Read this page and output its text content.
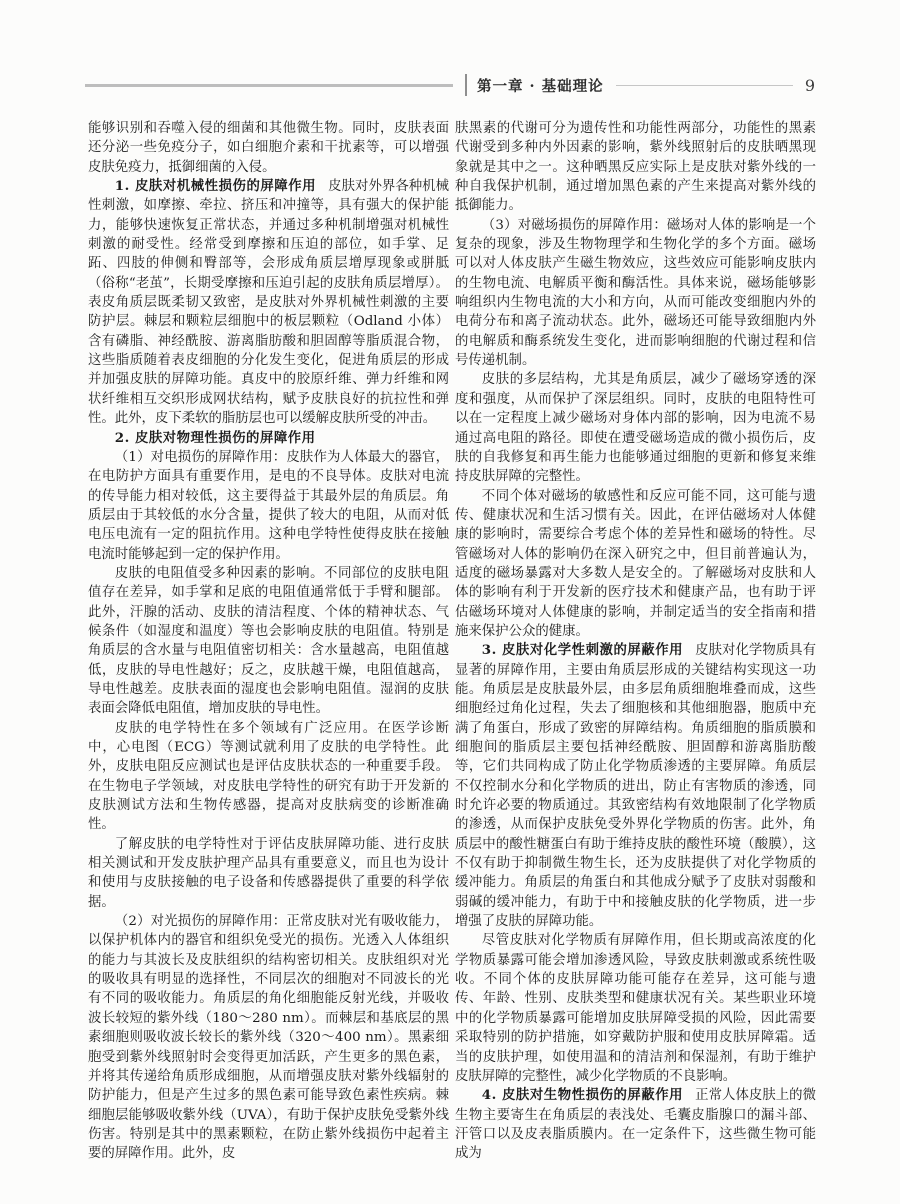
第一章 · 基础理论	9

能够识别和吞噬入侵的细菌和其他微生物。同时，皮肤表面还分泌一些免疫分子，如白细胞介素和干扰素等，可以增强皮肤免疫力，抵御细菌的入侵。

1. 皮肤对机械性损伤的屏障作用 皮肤对外界各种机械性刺激，如摩擦、牵拉、挤压和冲撞等，具有强大的保护能力，能够快速恢复正常状态，并通过多种机制增强对机械性刺激的耐受性。经常受到摩擦和压迫的部位，如手掌、足跖、四肢的伸侧和臀部等，会形成角质层增厚现象或胼胝（俗称“老茧”，长期受摩擦和压迫引起的皮肤角质层增厚）。表皮角质层既柔韧又致密，是皮肤对外界机械性刺激的主要防护层。棘层和颗粒层细胞中的板层颗粒（Odland 小体）含有磷脂、神经酰胺、游离脂肪酸和胆固醇等脂质混合物，这些脂质随着表皮细胞的分化发生变化，促进角质层的形成并加强皮肤的屏障功能。真皮中的胶原纤维、弹力纤维和网状纤维相互交织形成网状结构，赋予皮肤良好的抗拉性和弹性。此外，皮下柔软的脂肪层也可以缓解皮肤所受的冲击。

2. 皮肤对物理性损伤的屏障作用

（1）对电损伤的屏障作用：皮肤作为人体最大的器官，在电防护方面具有重要作用，是电的不良导体。皮肤对电流的传导能力相对较低，这主要得益于其最外层的角质层。角质层由于其较低的水分含量，提供了较大的电阻，从而对低电压电流有一定的阻抗作用。这种电学特性使得皮肤在接触电流时能够起到一定的保护作用。

皮肤的电阻值受多种因素的影响。不同部位的皮肤电阻值存在差异，如手掌和足底的电阻值通常低于手臂和腿部。此外，汗腺的活动、皮肤的清洁程度、个体的精神状态、气候条件（如湿度和温度）等也会影响皮肤的电阻值。特别是角质层的含水量与电阻值密切相关：含水量越高，电阻值越低，皮肤的导电性越好；反之，皮肤越干燥，电阻值越高，导电性越差。皮肤表面的湿度也会影响电阻值。湿润的皮肤表面会降低电阻值，增加皮肤的导电性。

皮肤的电学特性在多个领域有广泛应用。在医学诊断中，心电图（ECG）等测试就利用了皮肤的电学特性。此外，皮肤电阻反应测试也是评估皮肤状态的一种重要手段。在生物电子学领域，对皮肤电学特性的研究有助于开发新的皮肤测试方法和生物传感器，提高对皮肤病变的诊断准确性。

了解皮肤的电学特性对于评估皮肤屏障功能、进行皮肤相关测试和开发皮肤护理产品具有重要意义，而且也为设计和使用与皮肤接触的电子设备和传感器提供了重要的科学依据。

（2）对光损伤的屏障作用：正常皮肤对光有吸收能力，以保护机体内的器官和组织免受光的损伤。光透入人体组织的能力与其波长及皮肤组织的结构密切相关。皮肤组织对光的吸收具有明显的选择性，不同层次的细胞对不同波长的光有不同的吸收能力。角质层的角化细胞能反射光线，并吸收波长较短的紫外线（180～280 nm）。而棘层和基底层的黑素细胞则吸收波长较长的紫外线（320～400 nm）。黑素细胞受到紫外线照射时会变得更加活跃，产生更多的黑色素，并将其传递给角质形成细胞，从而增强皮肤对紫外线辐射的防护能力，但是产生过多的黑色素可能导致色素性疾病。棘细胞层能够吸收紫外线（UVA），有助于保护皮肤免受紫外线伤害。特别是其中的黑素颗粒，在防止紫外线损伤中起着主要的屏障作用。此外，皮

肤黑素的代谢可分为遗传性和功能性两部分，功能性的黑素代谢受到多种内外因素的影响，紫外线照射后的皮肤晒黑现象就是其中之一。这种晒黑反应实际上是皮肤对紫外线的一种自我保护机制，通过增加黑色素的产生来提高对紫外线的抵御能力。

（3）对磁场损伤的屏障作用：磁场对人体的影响是一个复杂的现象，涉及生物物理学和生物化学的多个方面。磁场可以对人体皮肤产生磁生物效应，这些效应可能影响皮肤内的生物电流、电解质平衡和酶活性。具体来说，磁场能够影响组织内生物电流的大小和方向，从而可能改变细胞内外的电荷分布和离子流动状态。此外，磁场还可能导致细胞内外的电解质和酶系统发生变化，进而影响细胞的代谢过程和信号传递机制。

皮肤的多层结构，尤其是角质层，减少了磁场穿透的深度和强度，从而保护了深层组织。同时，皮肤的电阻特性可以在一定程度上减少磁场对身体内部的影响，因为电流不易通过高电阻的路径。即使在遭受磁场造成的微小损伤后，皮肤的自我修复和再生能力也能够通过细胞的更新和修复来维持皮肤屏障的完整性。

不同个体对磁场的敏感性和反应可能不同，这可能与遗传、健康状况和生活习惯有关。因此，在评估磁场对人体健康的影响时，需要综合考虑个体的差异性和磁场的特性。尽管磁场对人体的影响仍在深入研究之中，但目前普遍认为，适度的磁场暴露对大多数人是安全的。了解磁场对皮肤和人体的影响有利于开发新的医疗技术和健康产品，也有助于评估磁场环境对人体健康的影响，并制定适当的安全指南和措施来保护公众的健康。

3. 皮肤对化学性刺激的屏蔽作用 皮肤对化学物质具有显著的屏障作用，主要由角质层形成的关键结构实现这一功能。角质层是皮肤最外层，由多层角质细胞堆叠而成，这些细胞经过角化过程，失去了细胞核和其他细胞器，胞质中充满了角蛋白，形成了致密的屏障结构。角质细胞的脂质膜和细胞间的脂质层主要包括神经酰胺、胆固醇和游离脂肪酸等，它们共同构成了防止化学物质渗透的主要屏障。角质层不仅控制水分和化学物质的进出，防止有害物质的渗透，同时允许必要的物质通过。其致密结构有效地限制了化学物质的渗透，从而保护皮肤免受外界化学物质的伤害。此外，角质层中的酸性糖蛋白有助于维持皮肤的酸性环境（酸膜），这不仅有助于抑制微生物生长，还为皮肤提供了对化学物质的缓冲能力。角质层的角蛋白和其他成分赋予了皮肤对弱酸和弱碱的缓冲能力，有助于中和接触皮肤的化学物质，进一步增强了皮肤的屏障功能。

尽管皮肤对化学物质有屏障作用，但长期或高浓度的化学物质暴露可能会增加渗透风险，导致皮肤刺激或系统性吸收。不同个体的皮肤屏障功能可能存在差异，这可能与遗传、年龄、性别、皮肤类型和健康状况有关。某些职业环境中的化学物质暴露可能增加皮肤屏障受损的风险，因此需要采取特别的防护措施，如穿戴防护服和使用皮肤屏障霜。适当的皮肤护理，如使用温和的清洁剂和保湿剂，有助于维护皮肤屏障的完整性，减少化学物质的不良影响。

4. 皮肤对生物性损伤的屏蔽作用 正常人体皮肤上的微生物主要寄生在角质层的表浅处、毛囊皮脂腺口的漏斗部、汗管口以及皮表脂质膜内。在一定条件下，这些微生物可能成为
